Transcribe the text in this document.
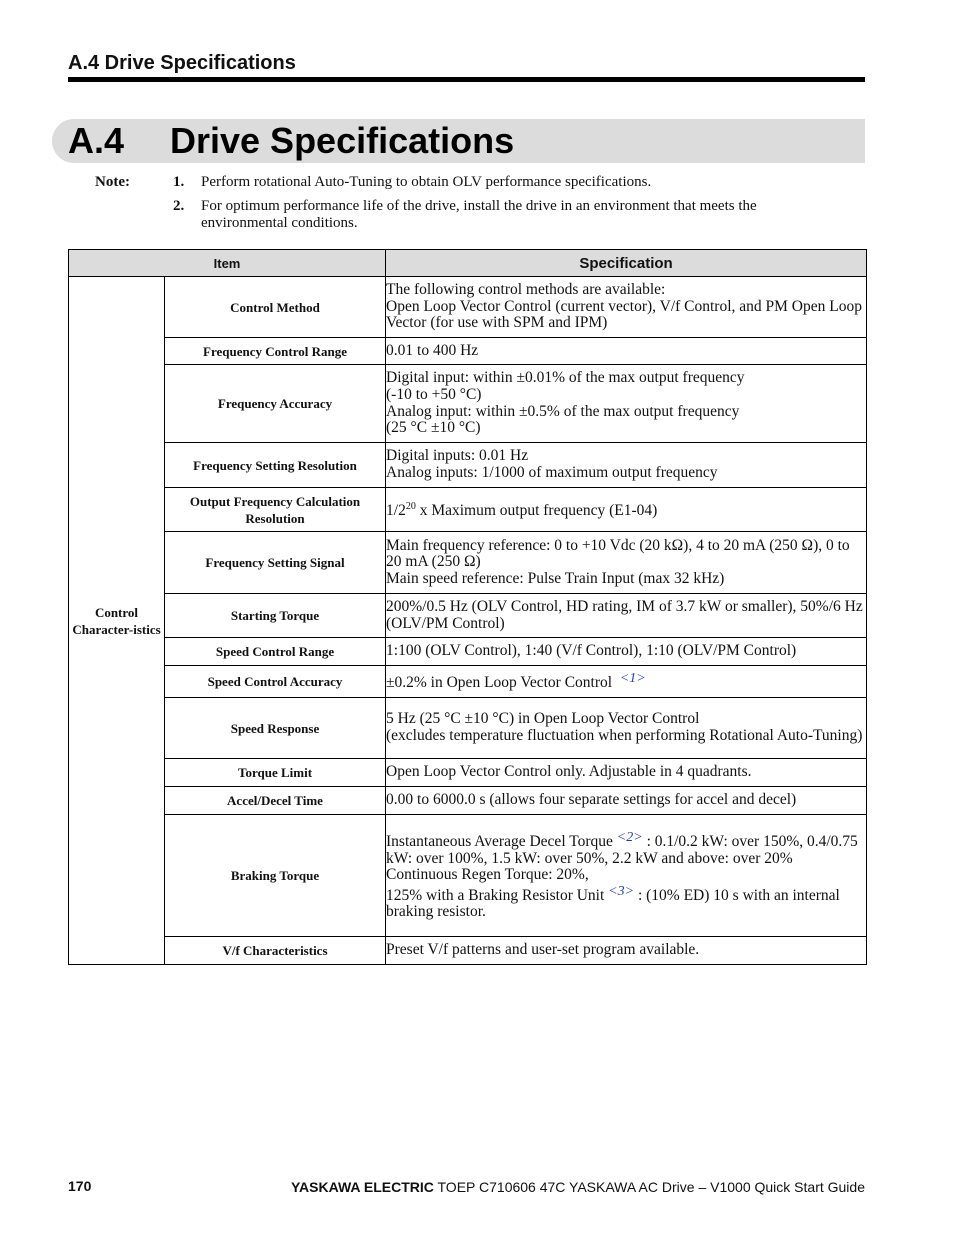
A.4 Drive Specifications
A.4 Drive Specifications
Note:	1. Perform rotational Auto-Tuning to obtain OLV performance specifications.
2. For optimum performance life of the drive, install the drive in an environment that meets the environmental conditions.
Item		Specification
Control Character-istics	Control Method	The following control methods are available:
Open Loop Vector Control (current vector), V/f Control, and PM Open Loop Vector (for use with SPM and IPM)

	Frequency Control Range	0.01 to 400 Hz
	Frequency Accuracy	Digital input: within ±0.01% of the max output frequency
(-10 to +50 °C)
Analog input: within ±0.5% of the max output frequency
(25 °C ±10 °C)

	Frequency Setting Resolution	Digital inputs: 0.01 Hz
Analog inputs: 1/1000 of maximum output frequency

	Output Frequency Calculation Resolution	$1/2^{20}$ x Maximum output frequency (E1-04)
	Frequency Setting Signal	Main frequency reference: 0 to +10 Vdc (20 kΩ), 4 to 20 mA (250 Ω), 0 to 20 mA (250 Ω)
Main speed reference: Pulse Train Input (max 32 kHz)

	Starting Torque	200%/0.5 Hz (OLV Control, HD rating, IM of 3.7 kW or smaller), 50%/6 Hz (OLV/PM Control)
	Speed Control Range	1:100 (OLV Control), 1:40 (V/f Control), 1:10 (OLV/PM Control)
	Speed Control Accuracy	±0.2% in Open Loop Vector Control <1>
	Speed Response	5 Hz (25 °C ±10 °C) in Open Loop Vector Control
(excludes temperature fluctuation when performing Rotational Auto-Tuning)

	Torque Limit	Open Loop Vector Control only. Adjustable in 4 quadrants.
	Accel/Decel Time	0.00 to 6000.0 s (allows four separate settings for accel and decel)
	Braking Torque	Instantaneous Average Decel Torque <2> : 0.1/0.2 kW: over 150%, 0.4/0.75 kW: over 100%, 1.5 kW: over 50%, 2.2 kW and above: over 20%
Continuous Regen Torque: 20%,
125% with a Braking Resistor Unit <3> : (10% ED) 10 s with an internal braking resistor.

	V/f Characteristics	Preset V/f patterns and user-set program available.
170	YASKAWA ELECTRIC TOEP C710606 47C YASKAWA AC Drive – V1000 Quick Start Guide
